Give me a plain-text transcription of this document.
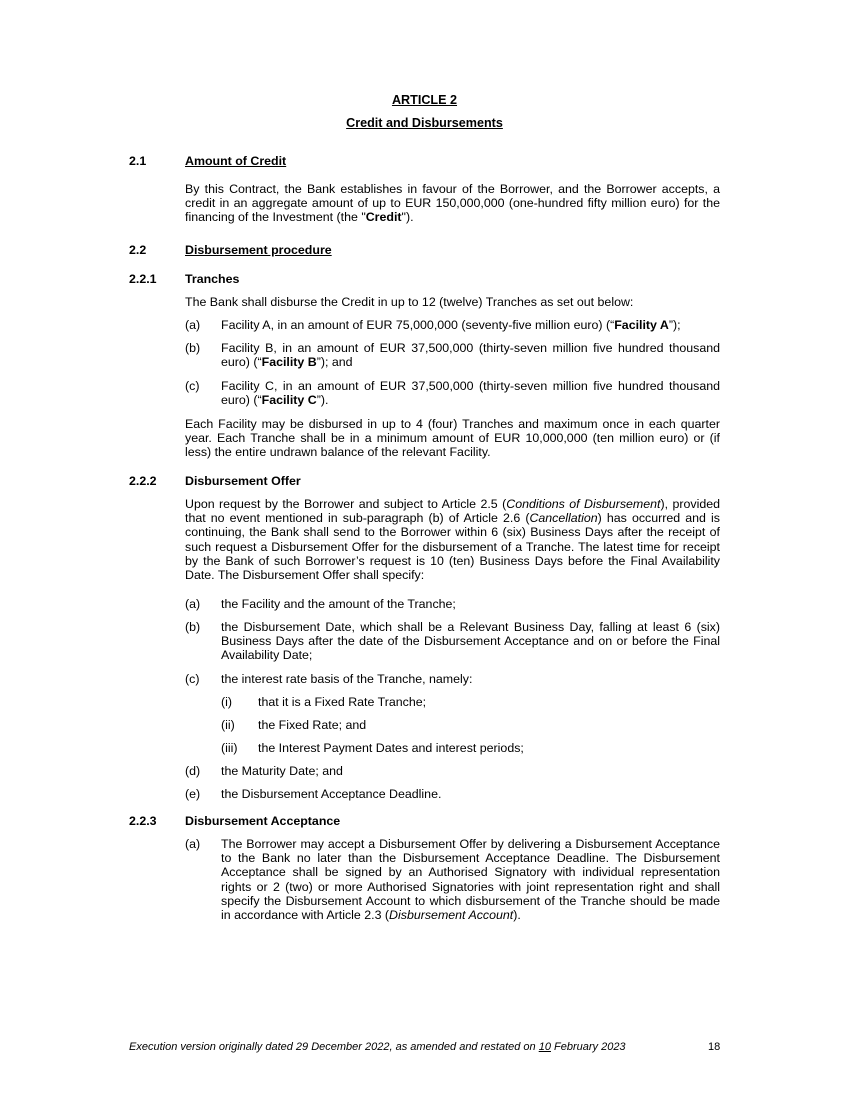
ARTICLE 2
Credit and Disbursements
2.1	Amount of Credit
By this Contract, the Bank establishes in favour of the Borrower, and the Borrower accepts, a credit in an aggregate amount of up to EUR 150,000,000 (one-hundred fifty million euro) for the financing of the Investment (the "Credit").
2.2	Disbursement procedure
2.2.1 Tranches
The Bank shall disburse the Credit in up to 12 (twelve) Tranches as set out below:
(a) Facility A, in an amount of EUR 75,000,000 (seventy-five million euro) (“Facility A”);
(b) Facility B, in an amount of EUR 37,500,000 (thirty-seven million five hundred thousand euro) (“Facility B”); and
(c) Facility C, in an amount of EUR 37,500,000 (thirty-seven million five hundred thousand euro) (“Facility C”).
Each Facility may be disbursed in up to 4 (four) Tranches and maximum once in each quarter year. Each Tranche shall be in a minimum amount of EUR 10,000,000 (ten million euro) or (if less) the entire undrawn balance of the relevant Facility.
2.2.2 Disbursement Offer
Upon request by the Borrower and subject to Article 2.5 (Conditions of Disbursement), provided that no event mentioned in sub-paragraph (b) of Article 2.6 (Cancellation) has occurred and is continuing, the Bank shall send to the Borrower within 6 (six) Business Days after the receipt of such request a Disbursement Offer for the disbursement of a Tranche. The latest time for receipt by the Bank of such Borrower’s request is 10 (ten) Business Days before the Final Availability Date. The Disbursement Offer shall specify:
(a) the Facility and the amount of the Tranche;
(b) the Disbursement Date, which shall be a Relevant Business Day, falling at least 6 (six) Business Days after the date of the Disbursement Acceptance and on or before the Final Availability Date;
(c) the interest rate basis of the Tranche, namely:
(i) that it is a Fixed Rate Tranche;
(ii) the Fixed Rate; and
(iii) the Interest Payment Dates and interest periods;
(d) the Maturity Date; and
(e) the Disbursement Acceptance Deadline.
2.2.3 Disbursement Acceptance
(a) The Borrower may accept a Disbursement Offer by delivering a Disbursement Acceptance to the Bank no later than the Disbursement Acceptance Deadline. The Disbursement Acceptance shall be signed by an Authorised Signatory with individual representation rights or 2 (two) or more Authorised Signatories with joint representation right and shall specify the Disbursement Account to which disbursement of the Tranche should be made in accordance with Article 2.3 (Disbursement Account).
Execution version originally dated 29 December 2022, as amended and restated on 10 February 2023	18
